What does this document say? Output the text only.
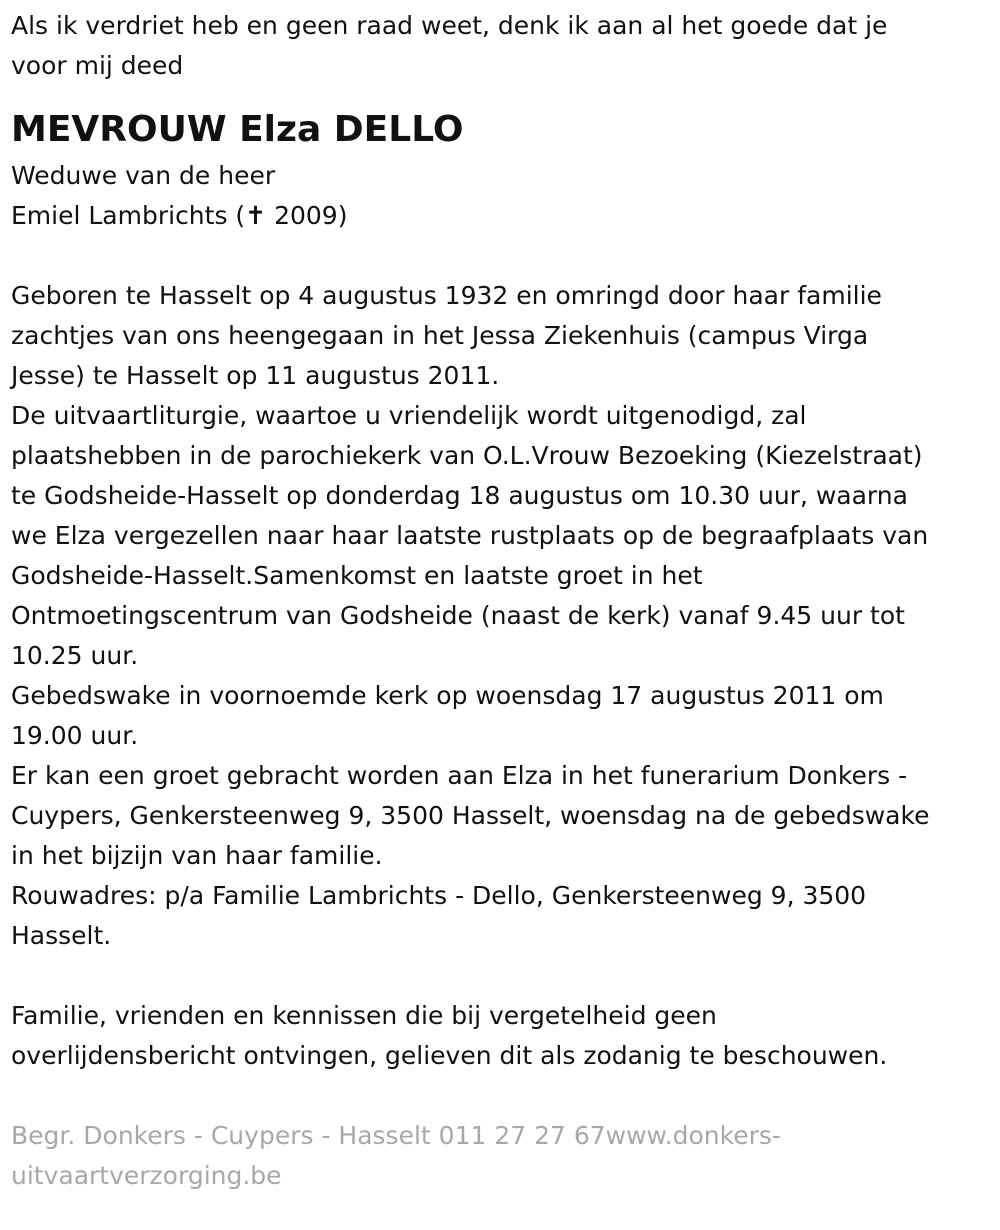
Als ik verdriet heb en geen raad weet, denk ik aan al het goede dat je
voor mij deed
MEVROUW Elza DELLO
Weduwe van de heer
Emiel Lambrichts (✝ 2009)
Geboren te Hasselt op 4 augustus 1932 en omringd door haar familie
zachtjes van ons heengegaan in het Jessa Ziekenhuis (campus Virga
Jesse) te Hasselt op 11 augustus 2011.
De uitvaartliturgie, waartoe u vriendelijk wordt uitgenodigd, zal
plaatshebben in de parochiekerk van O.L.Vrouw Bezoeking (Kiezelstraat)
te Godsheide-Hasselt op donderdag 18 augustus om 10.30 uur, waarna
we Elza vergezellen naar haar laatste rustplaats op de begraafplaats van
Godsheide-Hasselt.Samenkomst en laatste groet in het
Ontmoetingscentrum van Godsheide (naast de kerk) vanaf 9.45 uur tot
10.25 uur.
Gebedswake in voornoemde kerk op woensdag 17 augustus 2011 om
19.00 uur.
Er kan een groet gebracht worden aan Elza in het funerarium Donkers -
Cuypers, Genkersteenweg 9, 3500 Hasselt, woensdag na de gebedswake
in het bijzijn van haar familie.
Rouwadres: p/a Familie Lambrichts - Dello, Genkersteenweg 9, 3500
Hasselt.
Familie, vrienden en kennissen die bij vergetelheid geen
overlijdensbericht ontvingen, gelieven dit als zodanig te beschouwen.
Begr. Donkers - Cuypers - Hasselt 011 27 27 67www.donkers-
uitvaartverzorging.be
